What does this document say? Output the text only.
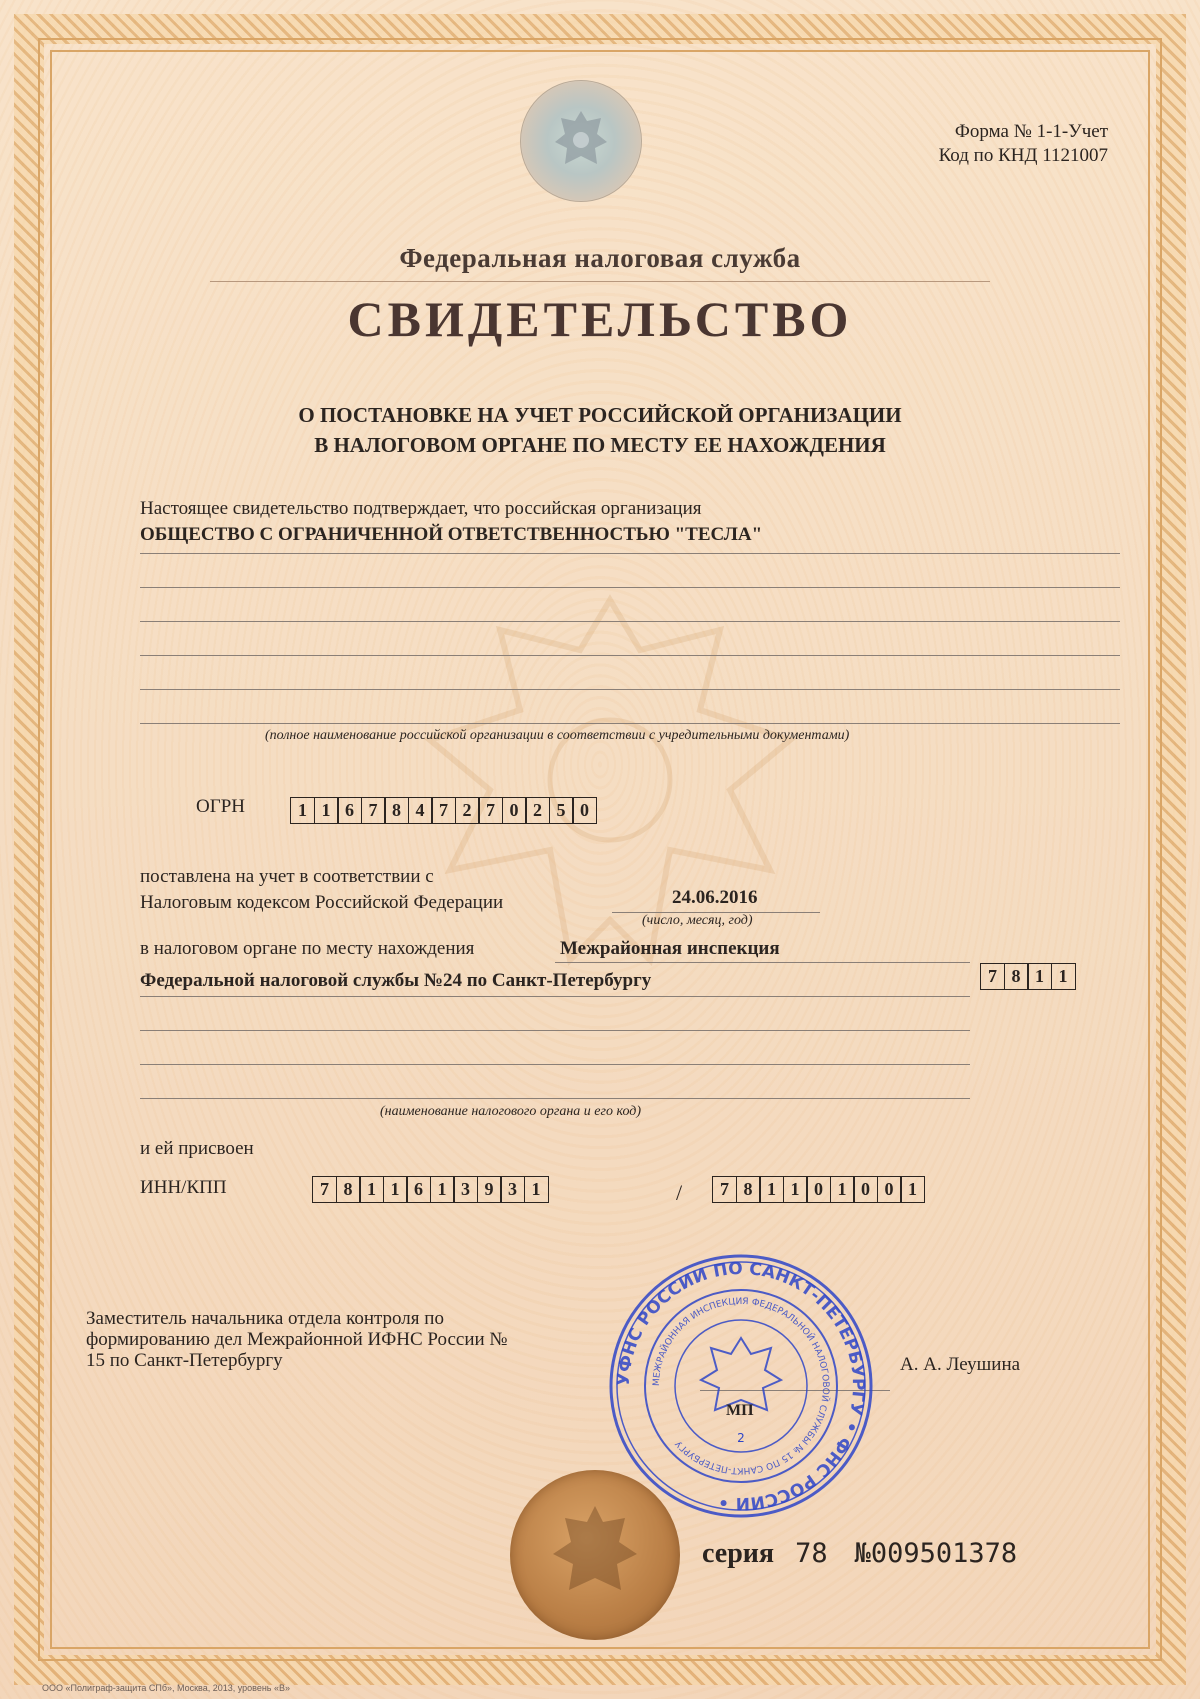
Форма № 1-1-Учет
Код по КНД 1121007
Федеральная налоговая служба
СВИДЕТЕЛЬСТВО
О ПОСТАНОВКЕ НА УЧЕТ РОССИЙСКОЙ ОРГАНИЗАЦИИ
В НАЛОГОВОМ ОРГАНЕ ПО МЕСТУ ЕЕ НАХОЖДЕНИЯ
Настоящее свидетельство подтверждает, что российская организация
ОБЩЕСТВО С ОГРАНИЧЕННОЙ ОТВЕТСТВЕННОСТЬЮ "ТЕСЛА"
(полное наименование российской организации в соответствии с учредительными документами)
ОГРН	1 1 6 7 8 4 7 2 7 0 2 5 0
поставлена на учет в соответствии с
Налоговым кодексом Российской Федерации	24.06.2016
(число, месяц, год)
в налоговом органе по месту нахождения	Межрайонная инспекция
Федеральной налоговой службы №24 по Санкт-Петербургу	7 8 1 1
(наименование налогового органа и его код)
и ей присвоен
ИНН/КПП	7 8 1 1 6 1 3 9 3 1	/	7 8 1 1 0 1 0 0 1
Заместитель начальника отдела контроля по
формированию дел Межрайонной ИФНС России №
15 по Санкт-Петербургу	А. А. Леушина
УФНС РОССИИ ПО САНКТ-ПЕТЕРБУРГУ • ФНС РОССИИ •
МЕЖРАЙОННАЯ ИНСПЕКЦИЯ ФЕДЕРАЛЬНОЙ НАЛОГОВОЙ СЛУЖБЫ № 15 ПО САНКТ-ПЕТЕРБУРГУ	2
МП
серия 78 №009501378
ООО «Полиграф-защита СПб», Москва, 2013, уровень «В»
